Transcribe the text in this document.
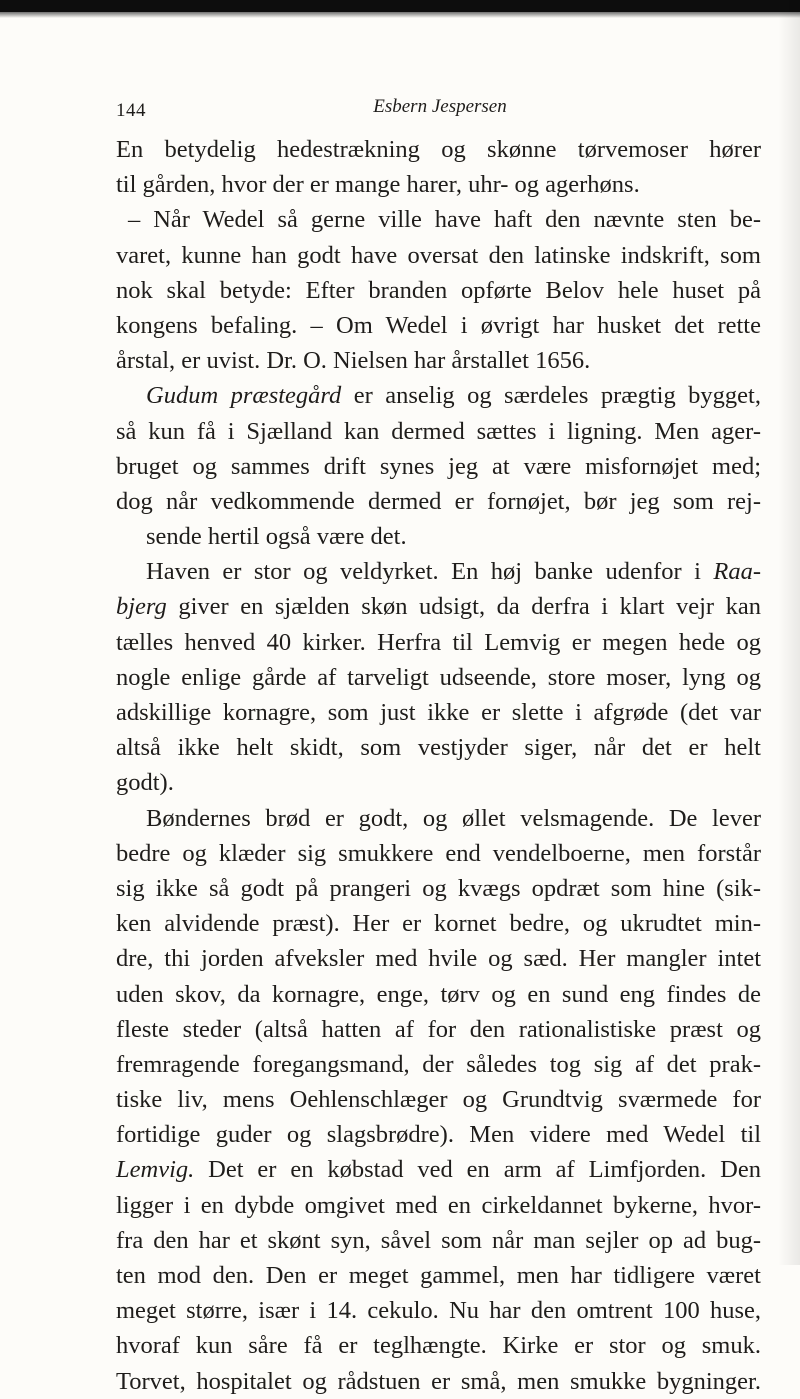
144	Esbern Jespersen
En betydelig hedestrækning og skønne tørvemoser hører
til gården, hvor der er mange harer, uhr- og agerhøns.
– Når Wedel så gerne ville have haft den nævnte sten be-
varet, kunne han godt have oversat den latinske indskrift, som
nok skal betyde: Efter branden opførte Belov hele huset på
kongens befaling. – Om Wedel i øvrigt har husket det rette
årstal, er uvist. Dr. O. Nielsen har årstallet 1656.
Gudum præstegård er anselig og særdeles prægtig bygget,
så kun få i Sjælland kan dermed sættes i ligning. Men ager-
bruget og sammes drift synes jeg at være misfornøjet med;
dog når vedkommende dermed er fornøjet, bør jeg som rej-
sende hertil også være det.
Haven er stor og veldyrket. En høj banke udenfor i Raa-
bjerg giver en sjælden skøn udsigt, da derfra i klart vejr kan
tælles henved 40 kirker. Herfra til Lemvig er megen hede og
nogle enlige gårde af tarveligt udseende, store moser, lyng og
adskillige kornagre, som just ikke er slette i afgrøde (det var
altså ikke helt skidt, som vestjyder siger, når det er helt
godt).
Bøndernes brød er godt, og øllet velsmagende. De lever
bedre og klæder sig smukkere end vendelboerne, men forstår
sig ikke så godt på prangeri og kvægs opdræt som hine (sik-
ken alvidende præst). Her er kornet bedre, og ukrudtet min-
dre, thi jorden afveksler med hvile og sæd. Her mangler intet
uden skov, da kornagre, enge, tørv og en sund eng findes de
fleste steder (altså hatten af for den rationalistiske præst og
fremragende foregangsmand, der således tog sig af det prak-
tiske liv, mens Oehlenschlæger og Grundtvig sværmede for
fortidige guder og slagsbrødre). Men videre med Wedel til
Lemvig. Det er en købstad ved en arm af Limfjorden. Den
ligger i en dybde omgivet med en cirkeldannet bykerne, hvor-
fra den har et skønt syn, såvel som når man sejler op ad bug-
ten mod den. Den er meget gammel, men har tidligere været
meget større, især i 14. cekulo. Nu har den omtrent 100 huse,
hvoraf kun såre få er teglhængte. Kirke er stor og smuk.
Torvet, hospitalet og rådstuen er små, men smukke bygninger.
